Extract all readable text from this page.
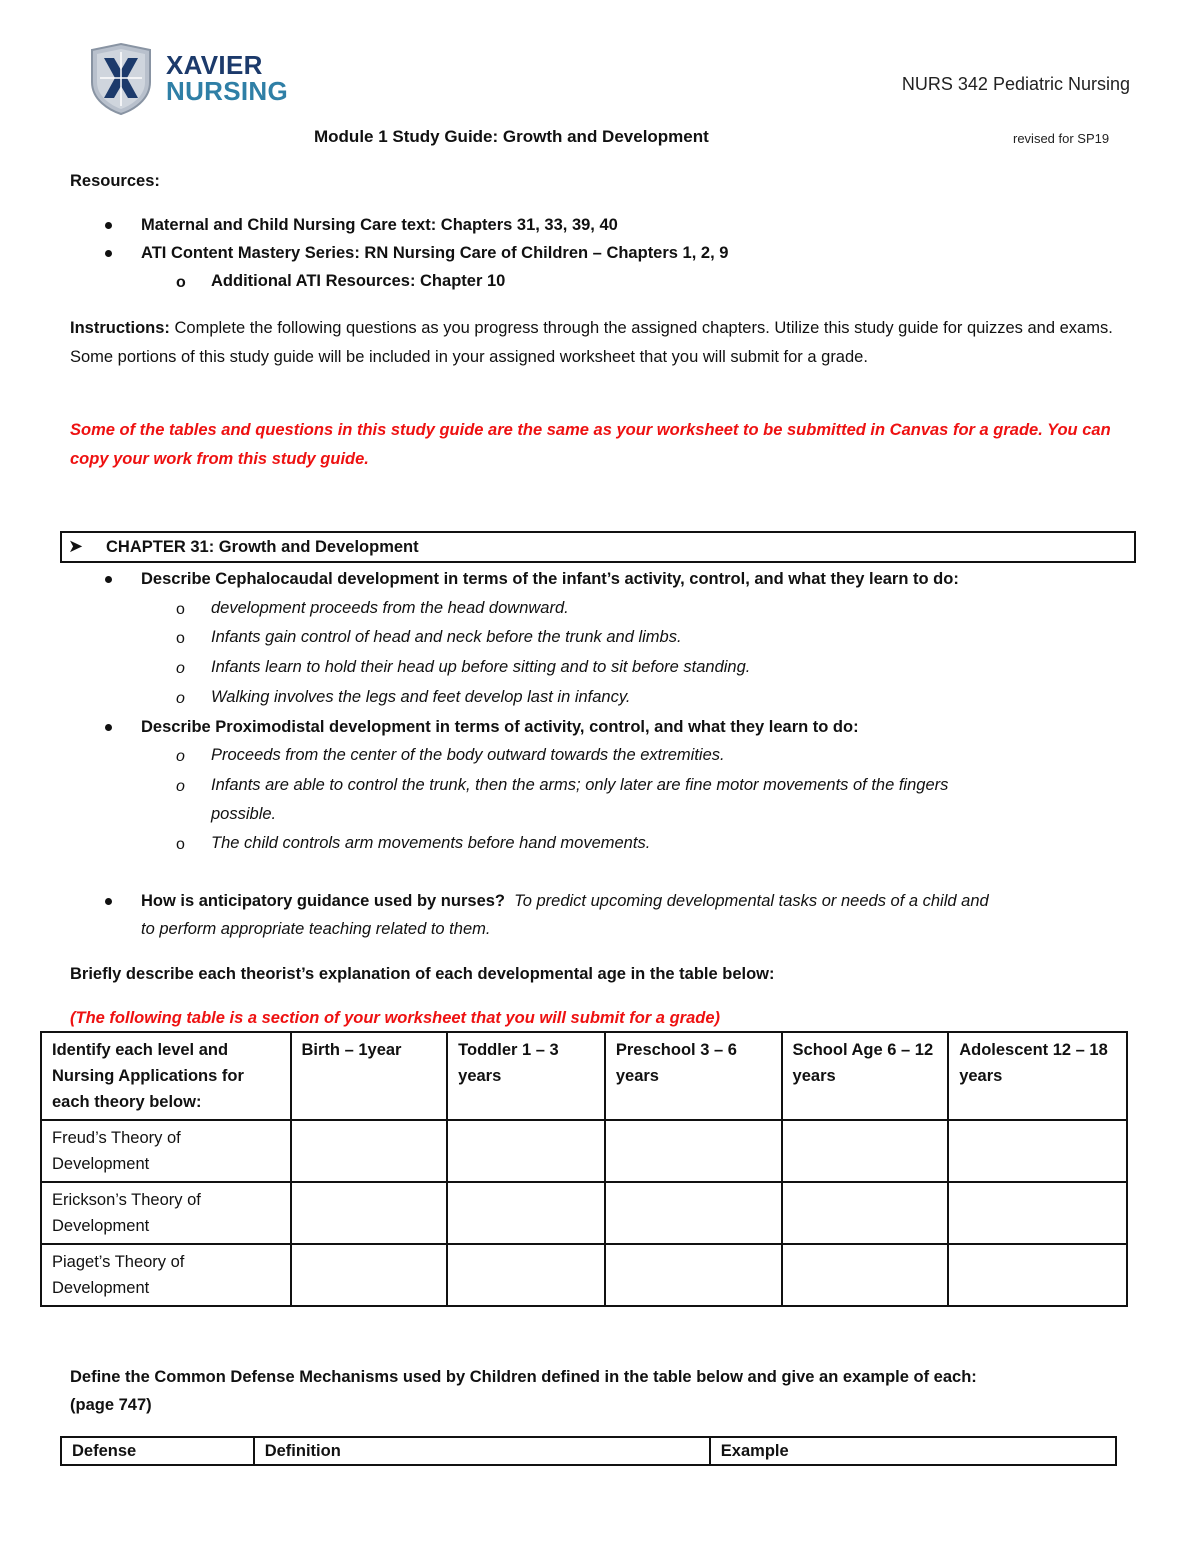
XAVIER
NURSING	NURS 342 Pediatric Nursing
Module 1 Study Guide: Growth and Development	revised for SP19
Resources:
Maternal and Child Nursing Care text: Chapters 31, 33, 39, 40
ATI Content Mastery Series: RN Nursing Care of Children – Chapters 1, 2, 9
o Additional ATI Resources: Chapter 10
Instructions: Complete the following questions as you progress through the assigned chapters. Utilize this study guide for quizzes and exams. Some portions of this study guide will be included in your assigned worksheet that you will submit for a grade.
Some of the tables and questions in this study guide are the same as your worksheet to be submitted in Canvas for a grade. You can copy your work from this study guide.
➤ CHAPTER 31: Growth and Development
Describe Cephalocaudal development in terms of the infant’s activity, control, and what they learn to do:
o development proceeds from the head downward.
o Infants gain control of head and neck before the trunk and limbs.
o Infants learn to hold their head up before sitting and to sit before standing.
o Walking involves the legs and feet develop last in infancy.
Describe Proximodistal development in terms of activity, control, and what they learn to do:
o Proceeds from the center of the body outward towards the extremities.
o Infants are able to control the trunk, then the arms; only later are fine motor movements of the fingers
possible.
o The child controls arm movements before hand movements.
How is anticipatory guidance used by nurses? To predict upcoming developmental tasks or needs of a child and
to perform appropriate teaching related to them.
Briefly describe each theorist’s explanation of each developmental age in the table below:
(The following table is a section of your worksheet that you will submit for a grade)
Identify each level and Nursing Applications for each theory below:	Birth – 1year	Toddler 1 – 3 years	Preschool 3 – 6 years	School Age 6 – 12 years	Adolescent 12 – 18 years
Freud’s Theory of Development					
Erickson’s Theory of Development					
Piaget’s Theory of Development					
Define the Common Defense Mechanisms used by Children defined in the table below and give an example of each:
(page 747)
Defense	Definition	Example
